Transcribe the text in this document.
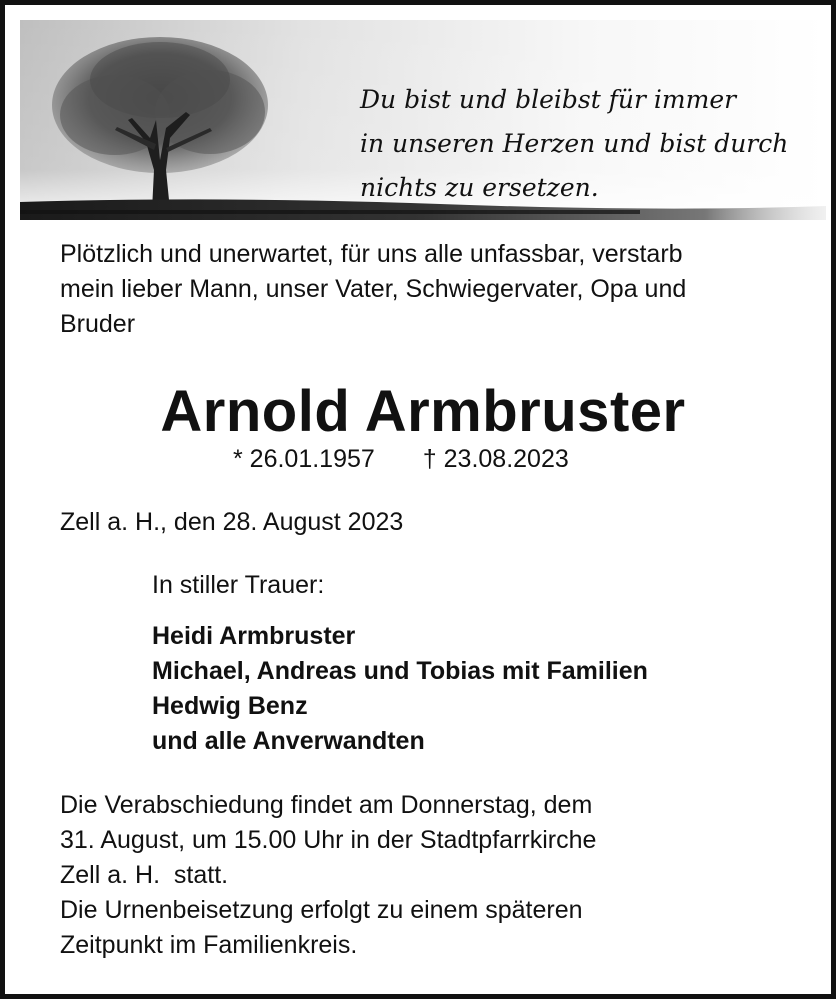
Du bist und bleibst für immer
in unseren Herzen und bist durch
nichts zu ersetzen.
Plötzlich und unerwartet, für uns alle unfassbar, verstarb
mein lieber Mann, unser Vater, Schwiegervater, Opa und
Bruder
Arnold Armbruster
* 26.01.1957 † 23.08.2023
Zell a. H., den 28. August 2023
In stiller Trauer:
Heidi Armbruster
Michael, Andreas und Tobias mit Familien
Hedwig Benz
und alle Anverwandten
Die Verabschiedung findet am Donnerstag, dem
31. August, um 15.00 Uhr in der Stadtpfarrkirche
Zell a. H.  statt.
Die Urnenbeisetzung erfolgt zu einem späteren
Zeitpunkt im Familienkreis.
